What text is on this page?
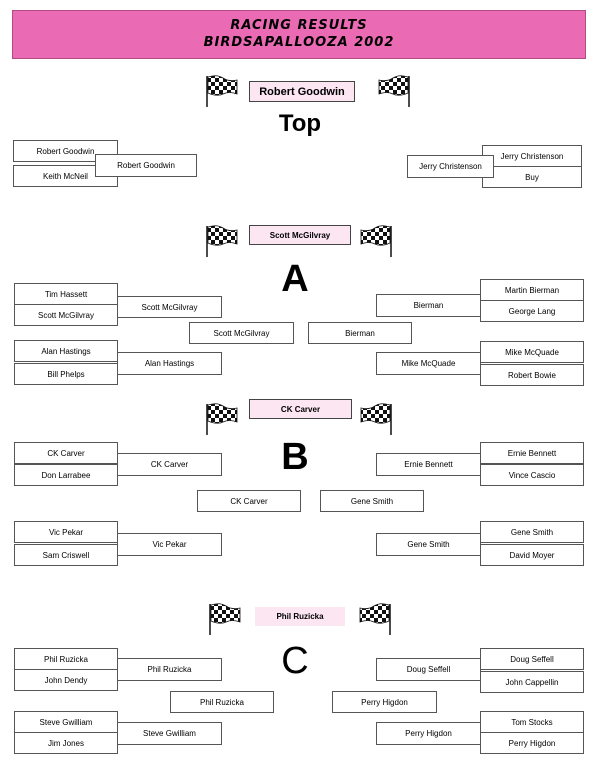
RACING RESULTS
BIRDSAPALLOOZA 2002
Robert Goodwin
Top
Robert Goodwin
Keith McNeil
Robert Goodwin
Jerry Christenson
Buy
Jerry Christenson
Scott McGilvray
A
Tim Hassett
Scott McGilvray
Scott McGilvray
Alan Hastings
Bill Phelps
Alan Hastings
Scott McGilvray	Bierman
Martin Bierman
George Lang
Bierman
Mike McQuade
Robert Bowie
Mike McQuade
CK Carver
B
CK Carver
Don Larrabee
CK Carver
Vic Pekar
Sam Criswell
Vic Pekar
CK Carver	Gene Smith
Ernie Bennett
Vince Cascio
Ernie Bennett
Gene Smith
David Moyer
Gene Smith
Phil Ruzicka
C
Phil Ruzicka
John Dendy
Phil Ruzicka
Steve Gwilliam
Jim Jones
Steve Gwilliam
Phil Ruzicka	Perry Higdon
Doug Seffell
John Cappellin
Doug Seffell
Tom Stocks
Perry Higdon
Perry Higdon
